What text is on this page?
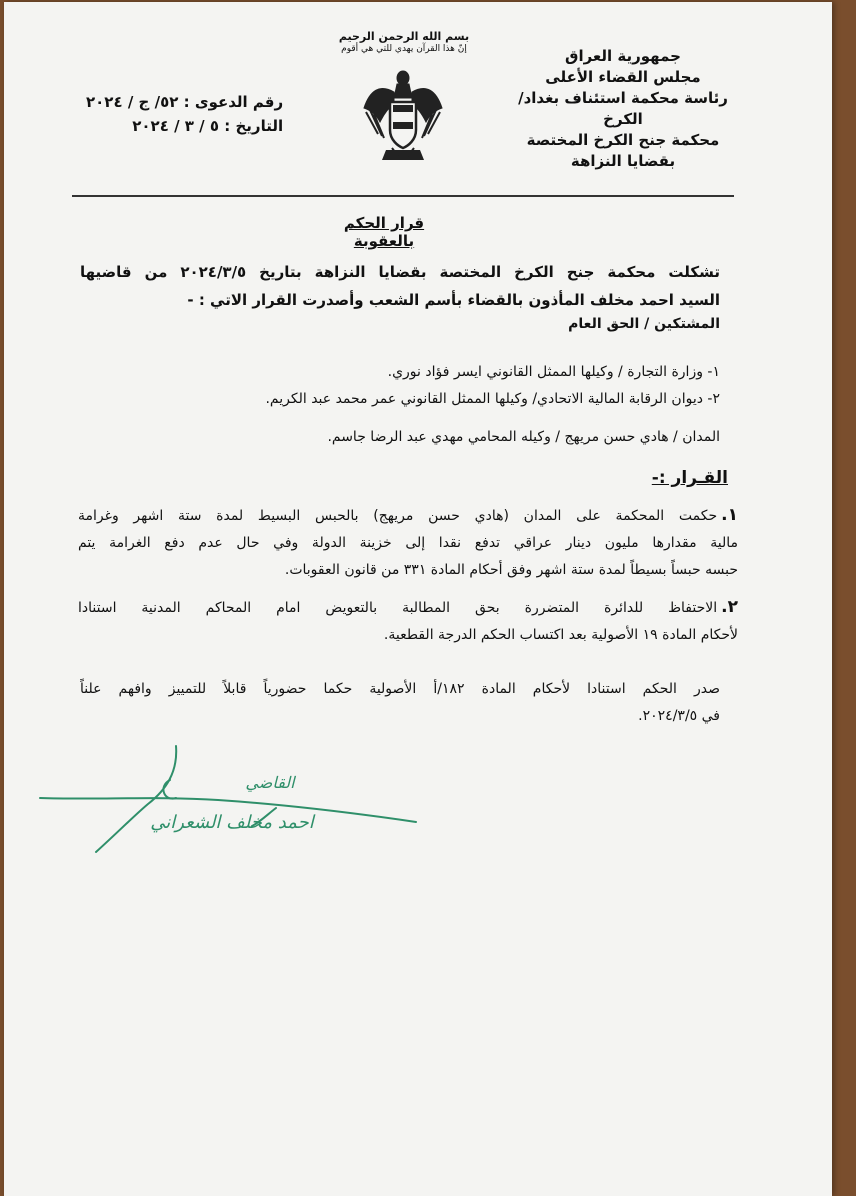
جمهورية العراق
مجلس القضاء الأعلى
رئاسة محكمة استئناف بغداد/ الكرخ
محكمة جنح الكرخ المختصة
بقضايا النزاهة
بسم الله الرحمن الرحيم
إنّ هذا القرآن يهدي للتي هي أقوم
رقم الدعوى : ٥٢/ ج / ٢٠٢٤
التاريخ : ٥ / ٣ / ٢٠٢٤
قرار الحكم بالعقوبة
تشكلت محكمة جنح الكرخ المختصة بقضايا النزاهة بتاريخ ٢٠٢٤/٣/٥ من قاضيها
السيد احمد مخلف المأذون بالقضاء بأسم الشعب وأصدرت القرار الاتي : -
المشتكين / الحق العام
١- وزارة التجارة / وكيلها الممثل القانوني ايسر فؤاد نوري.
٢- ديوان الرقابة المالية الاتحادي/ وكيلها الممثل القانوني عمر محمد عبد الكريم.
المدان / هادي حسن مريهج / وكيله المحامي مهدي عبد الرضا جاسم.
القـرار :-
١.حكمت المحكمة على المدان (هادي حسن مريهج) بالحبس البسيط لمدة ستة اشهر وغرامة
مالية مقدارها مليون دينار عراقي تدفع نقدا إلى خزينة الدولة وفي حال عدم دفع الغرامة يتم
حبسه حبساً بسيطاً لمدة ستة اشهر وفق أحكام المادة ٣٣١ من قانون العقوبات.
٢.الاحتفاظ للدائرة المتضررة بحق المطالبة بالتعويض امام المحاكم المدنية استنادا
لأحكام المادة ١٩ الأصولية بعد اكتساب الحكم الدرجة القطعية.
صدر الحكم استنادا لأحكام المادة ١٨٢/أ الأصولية حكما حضورياً قابلاً للتمييز وافهم علناً
في ٢٠٢٤/٣/٥.
القاضي
احمد مخلف الشعراني
